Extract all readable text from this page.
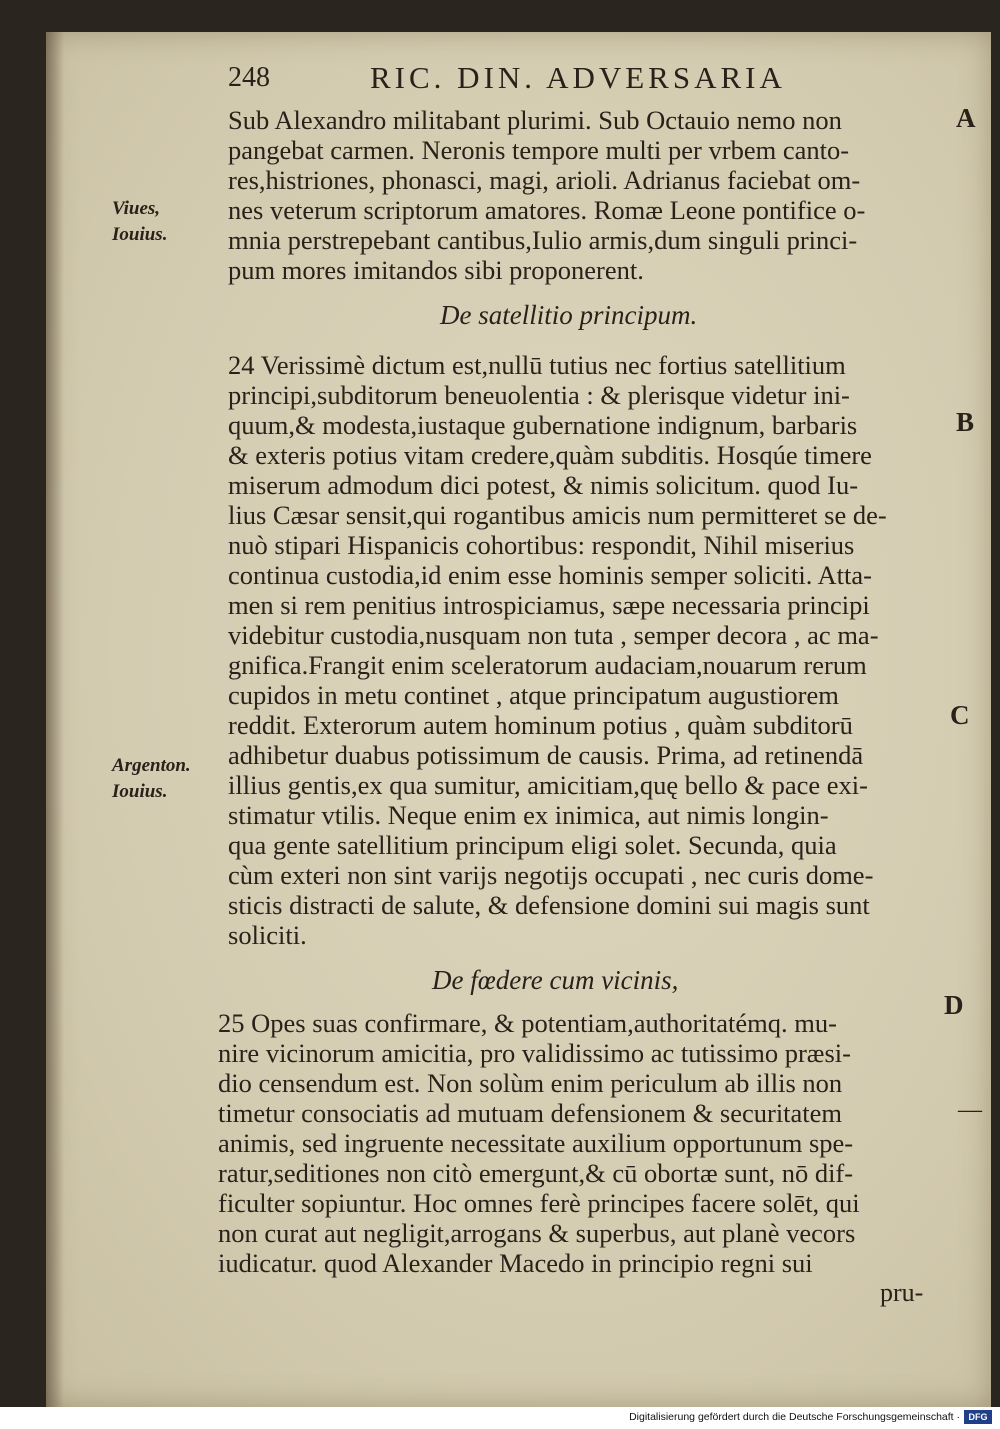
248	RIC. DIN. ADVERSARIA
Viues,
Iouius.
Argenton.
Iouius.
A
B
C
D
—
Sub Alexandro militabant plurimi. Sub Octauio nemo non
pangebat carmen. Neronis tempore multi per vrbem canto-
res,histriones, phonasci, magi, arioli. Adrianus faciebat om-
nes veterum scriptorum amatores. Romæ Leone pontifice o-
mnia perstrepebant cantibus,Iulio armis,dum singuli princi-
pum mores imitandos sibi proponerent.
De satellitio principum.
24 Verissimè dictum est,nullū tutius nec fortius satellitium
principi,subditorum beneuolentia : & plerisque videtur ini-
quum,& modesta,iustaque gubernatione indignum, barbaris
& exteris potius vitam credere,quàm subditis. Hosqúe timere
miserum admodum dici potest, & nimis solicitum. quod Iu-
lius Cæsar sensit,qui rogantibus amicis num permitteret se de-
nuò stipari Hispanicis cohortibus: respondit, Nihil miserius
continua custodia,id enim esse hominis semper soliciti. Atta-
men si rem penitius introspiciamus, sæpe necessaria principi
videbitur custodia,nusquam non tuta , semper decora , ac ma-
gnifica.Frangit enim sceleratorum audaciam,nouarum rerum
cupidos in metu continet , atque principatum augustiorem
reddit. Exterorum autem hominum potius , quàm subditorū
adhibetur duabus potissimum de causis. Prima, ad retinendā
illius gentis,ex qua sumitur, amicitiam,quę bello & pace exi-
stimatur vtilis. Neque enim ex inimica, aut nimis longin-
qua gente satellitium principum eligi solet. Secunda, quia
cùm exteri non sint varijs negotijs occupati , nec curis dome-
sticis distracti de salute, & defensione domini sui magis sunt
soliciti.
De fœdere cum vicinis,
25 Opes suas confirmare, & potentiam,authoritatémq. mu-
nire vicinorum amicitia, pro validissimo ac tutissimo præsi-
dio censendum est. Non solùm enim periculum ab illis non
timetur consociatis ad mutuam defensionem & securitatem
animis, sed ingruente necessitate auxilium opportunum spe-
ratur,seditiones non citò emergunt,& cū obortæ sunt, nō dif-
ficulter sopiuntur. Hoc omnes ferè principes facere solēt, qui
non curat aut negligit,arrogans & superbus, aut planè vecors
iudicatur. quod Alexander Macedo in principio regni sui
pru-
Digitalisierung gefördert durch die Deutsche Forschungsgemeinschaft · DFG
